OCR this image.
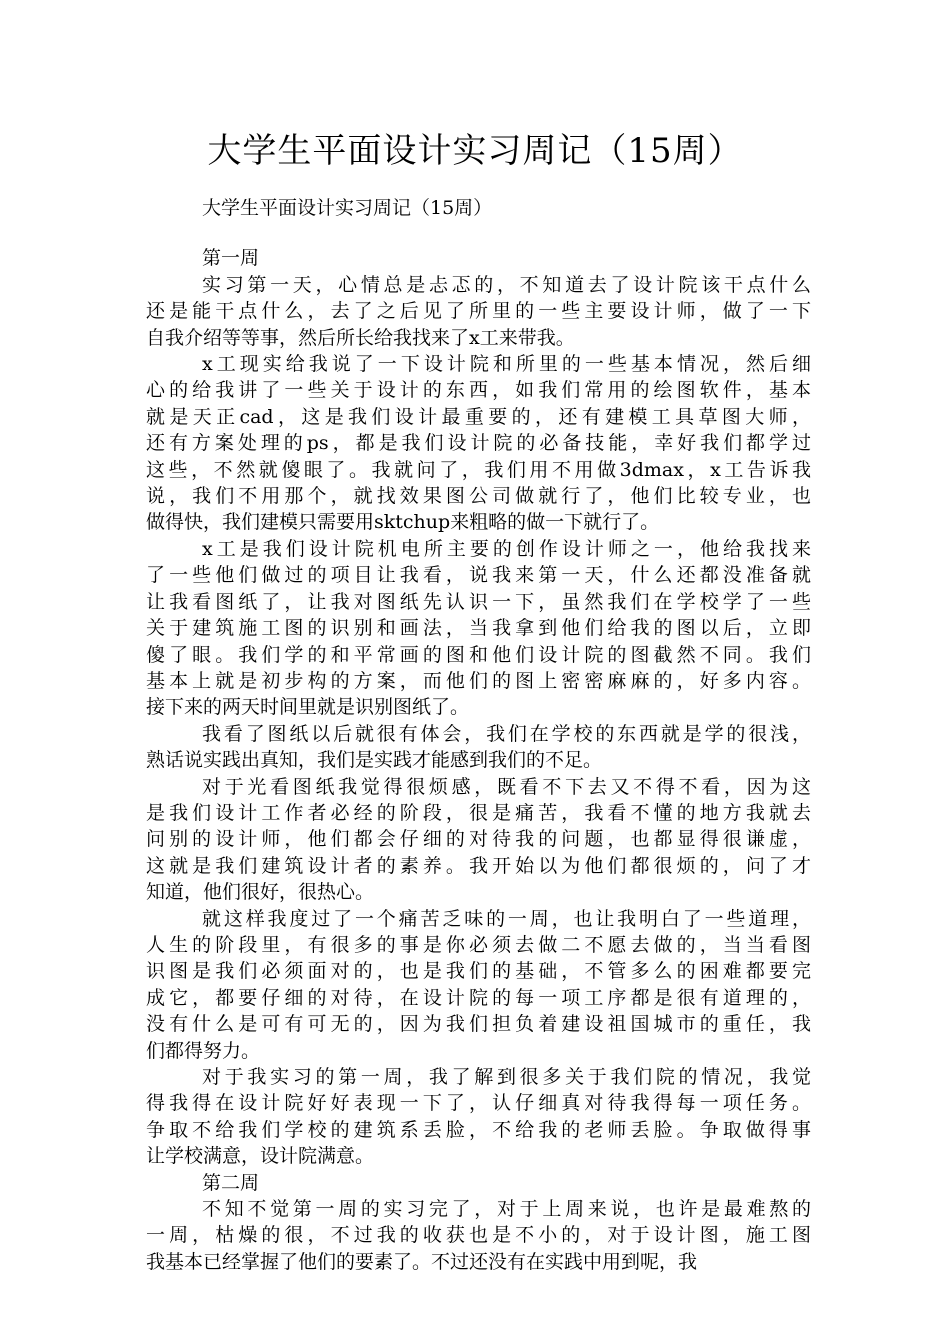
大学生平面设计实习周记（15周）
大学生平面设计实习周记（15周）
第一周
实习第一天，心情总是忐忑的，不知道去了设计院该干点什么
还是能干点什么，去了之后见了所里的一些主要设计师，做了一下
自我介绍等等事，然后所长给我找来了x工来带我。
x工现实给我说了一下设计院和所里的一些基本情况，然后细
心的给我讲了一些关于设计的东西，如我们常用的绘图软件，基本
就是天正cad，这是我们设计最重要的，还有建模工具草图大师，
还有方案处理的ps，都是我们设计院的必备技能，幸好我们都学过
这些，不然就傻眼了。我就问了，我们用不用做3dmax，x工告诉我
说，我们不用那个，就找效果图公司做就行了，他们比较专业，也
做得快，我们建模只需要用sktchup来粗略的做一下就行了。
x工是我们设计院机电所主要的创作设计师之一，他给我找来
了一些他们做过的项目让我看，说我来第一天，什么还都没准备就
让我看图纸了，让我对图纸先认识一下，虽然我们在学校学了一些
关于建筑施工图的识别和画法，当我拿到他们给我的图以后，立即
傻了眼。我们学的和平常画的图和他们设计院的图截然不同。我们
基本上就是初步构的方案，而他们的图上密密麻麻的，好多内容。
接下来的两天时间里就是识别图纸了。
我看了图纸以后就很有体会，我们在学校的东西就是学的很浅，
熟话说实践出真知，我们是实践才能感到我们的不足。
对于光看图纸我觉得很烦感，既看不下去又不得不看，因为这
是我们设计工作者必经的阶段，很是痛苦，我看不懂的地方我就去
问别的设计师，他们都会仔细的对待我的问题，也都显得很谦虚，
这就是我们建筑设计者的素养。我开始以为他们都很烦的，问了才
知道，他们很好，很热心。
就这样我度过了一个痛苦乏味的一周，也让我明白了一些道理，
人生的阶段里，有很多的事是你必须去做二不愿去做的，当当看图
识图是我们必须面对的，也是我们的基础，不管多么的困难都要完
成它，都要仔细的对待，在设计院的每一项工序都是很有道理的，
没有什么是可有可无的，因为我们担负着建设祖国城市的重任，我
们都得努力。
对于我实习的第一周，我了解到很多关于我们院的情况，我觉
得我得在设计院好好表现一下了，认仔细真对待我得每一项任务。
争取不给我们学校的建筑系丢脸，不给我的老师丢脸。争取做得事
让学校满意，设计院满意。
第二周
不知不觉第一周的实习完了，对于上周来说，也许是最难熬的
一周，枯燥的很，不过我的收获也是不小的，对于设计图，施工图
我基本已经掌握了他们的要素了。不过还没有在实践中用到呢，我
